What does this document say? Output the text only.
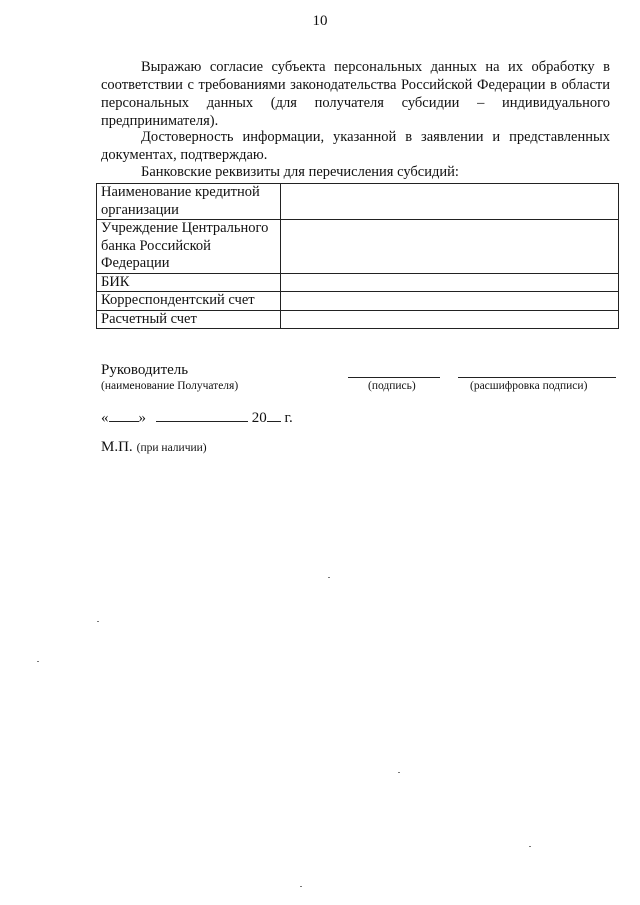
10
Выражаю согласие субъекта персональных данных на их обработку в соответствии с требованиями законодательства Российской Федерации в области персональных данных (для получателя субсидии – индивидуального предпринимателя).
Достоверность информации, указанной в заявлении и представленных документах, подтверждаю.
Банковские реквизиты для перечисления субсидий:
Наименование кредитной организации	
Учреждение Центрального банка Российской Федерации	
БИК	
Корреспондентский счет	
Расчетный счет	
Руководитель
(наименование Получателя)	(подпись)	(расшифровка подписи)
« »	20 г.
М.П. (при наличии)
